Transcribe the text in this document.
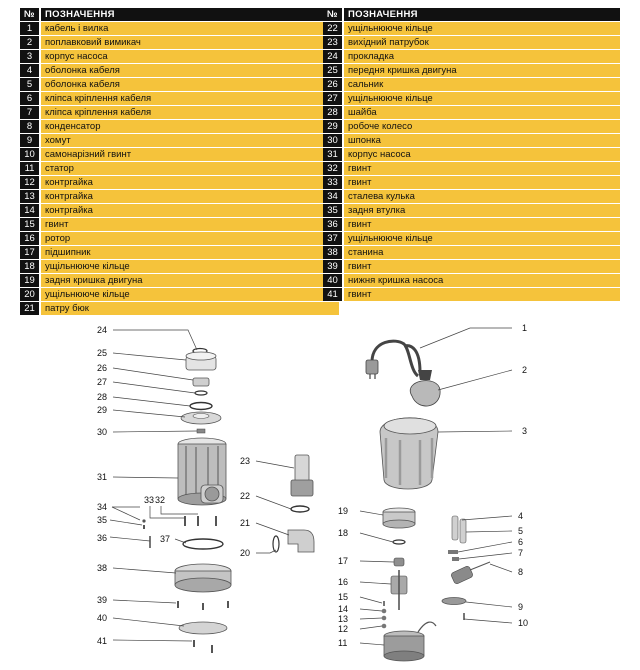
№	ПОЗНАЧЕННЯ
1	кабель і вилка
2	поплавковий вимикач
3	корпус насоса
4	оболонка кабеля
5	оболонка кабеля
6	кліпса кріплення кабеля
7	кліпса кріплення кабеля
8	конденсатор
9	хомут
10	самонарізний гвинт
11	статор
12	контргайка
13	контргайка
14	контргайка
15	гвинт
16	ротор
17	підшипник
18	ущільнююче кільце
19	задня кришка двигуна
20	ущільнююче кільце
21	патру бюк
№	ПОЗНАЧЕННЯ
22	ущільнююче кільце
23	вихідний патрубок
24	прокладка
25	передня кришка двигуна
26	сальник
27	ущільнююче кільце
28	шайба
29	робоче колесо
30	шпонка
31	корпус насоса
32	гвинт
33	гвинт
34	сталева кулька
35	задня втулка
36	гвинт
37	ущільнююче кільце
38	станина
39	гвинт
40	нижня кришка насоса
41	гвинт
24
25
26
27
28
29
30
31
33 32
34
35
36	37
38
39
40
41
23
22
21
20
1
2
3
19
18
17
16
15
14
13
12
11
4
5
6
7
8
9
10
